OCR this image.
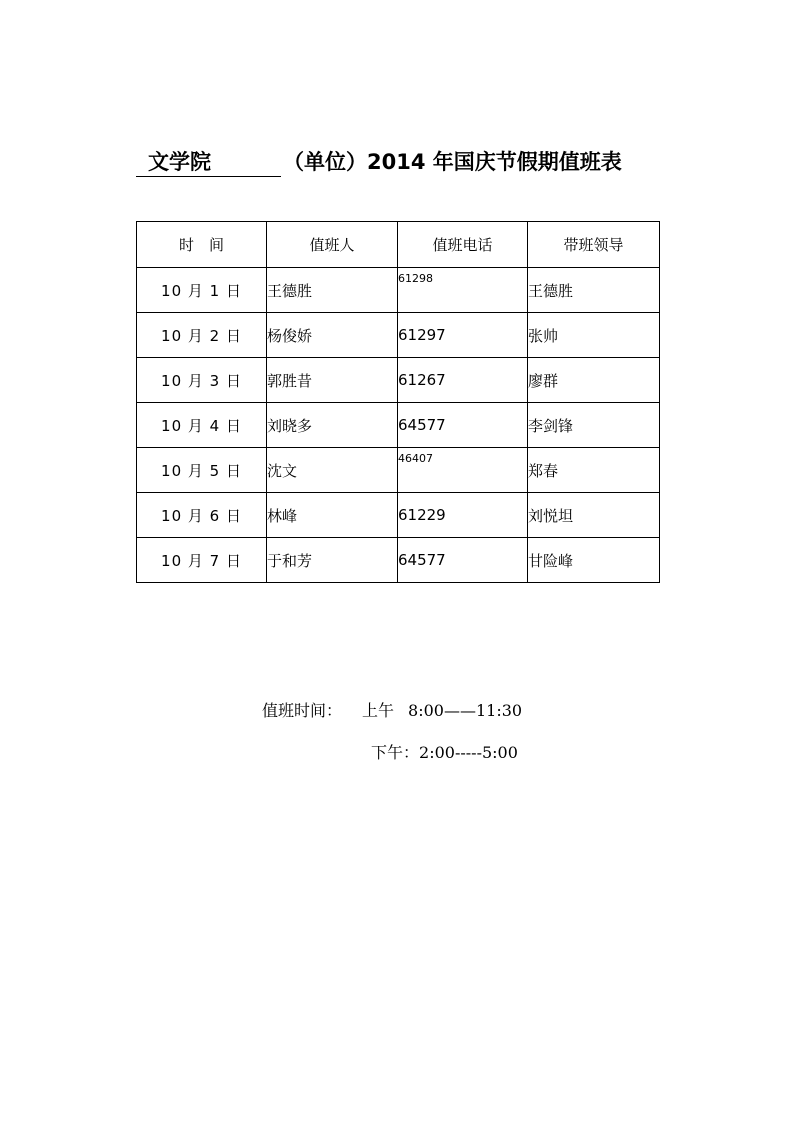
文学院	（单位）2014 年国庆节假期值班表
时　间	值班人	值班电话	带班领导
10 月 1 日	王德胜	61298	王德胜
10 月 2 日	杨俊娇	61297	张帅
10 月 3 日	郭胜昔	61267	廖群
10 月 4 日	刘晓多	64577	李剑锋
10 月 5 日	沈文	46407	郑春
10 月 6 日	林峰	61229	刘悦坦
10 月 7 日	于和芳	64577	甘险峰
值班时间： 上午 8:00——11:30
下午：2:00-----5:00
